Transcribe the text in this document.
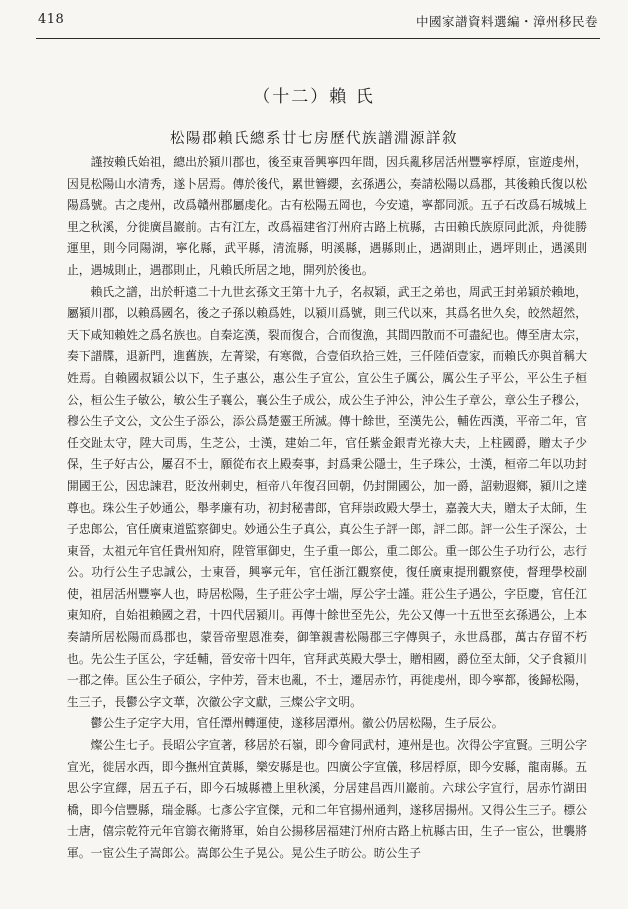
418	中國家譜資料選編・漳州移民卷
（十二）賴 氏
松陽郡賴氏總系廿七房歷代族譜淵源詳敘

謹按賴氏始祖，總出於潁川郡也，後至東晉興寧四年間，因兵亂移居活州豐寧桴原，宦遊虔州，因見松陽山水清秀，遂卜居焉。傳於後代，累世簪纓，玄孫遇公，奏請松陽以爲郡，其後賴氏復以松陽爲號。古之虔州，改爲贛州郡屬虔化。古有松陽五岡也，今安遠，寧都同派。五子石改爲石城城上里之秋溪，分徙廣昌巖前。古有江左，改爲福建省汀州府古路上杭縣，古田賴氏族原同此派，舟徙勝運里，則今同陽湖，寧化縣，武平縣，清流縣，明溪縣，遇縣則止，遇湖則止，遇坪則止，遇溪則止，遇城則止，遇郡則止，凡賴氏所居之地，開列於後也。

賴氏之譜，出於軒遠二十九世玄孫文王第十九子，名叔穎，武王之弟也，周武王封弟穎於賴地，屬潁川郡，以賴爲國名，後之子孫以賴爲姓，以潁川爲號，則三代以來，其爲名世久矣，皎然超然，天下咸知賴姓之爲名族也。自秦迄漢，裂而復合，合而復漁，其間四散而不可盡紀也。傳至唐太宗，奏下譜牒，退新門，進舊族，左菁梁，有寒微，合壹佰玖拾三姓，三仟陸佰壹家，而賴氏亦與首稱大姓焉。自賴國叔穎公以下，生子惠公，惠公生子宣公，宣公生子厲公，厲公生子平公，平公生子桓公，桓公生子敏公，敏公生子襄公，襄公生子成公，成公生子沖公，沖公生子章公，章公生子穆公，穆公生子文公，文公生子添公，添公爲楚靈王所滅。傳十餘世，至漢先公，輔佐西漢，平帝二年，官任交趾太守，陞大司馬，生芝公，士漢，建始二年，官任紫金銀青光祿大夫，上柱國爵，贈太子少保，生子好古公，屢召不士，願從布衣上殿奏事，封爲秉公隱士，生子珠公，士漢，桓帝二年以功封開國王公，因忠諫君，貶汝州刺史，桓帝八年復召回朝，仍封開國公，加一爵，詔勅遐鄉，潁川之達尊也。珠公生子妙通公，舉孝廉有功，初封秘書郎，官拜崇政殿大學士，嘉義大夫，贈太子太師，生子忠郎公，官任廣東道監察御史。妙通公生子真公，真公生子評一郎，評二郎。評一公生子深公，士東晉，太祖元年官任貴州知府，陞管軍御史，生子重一郎公，重二郎公。重一郎公生子功行公，志行公。功行公生子忠誠公，士東晉，興寧元年，官任浙江觀察使，復任廣東提刑觀察使，督理學校副使，祖居活州豐寧人也，時居松陽，生子莊公字士端，厚公字士謹。莊公生子遇公，字臣慶，官任江東知府，自始祖賴國之君，十四代居潁川。再傳十餘世至先公，先公又傳一十五世至玄孫遇公，上本奏請所居松陽而爲郡也，蒙晉帝聖恩准奏，御筆親書松陽郡三字傳與子，永世爲郡，萬古存留不朽也。先公生子匡公，字廷輔，晉安帝十四年，官拜武英殿大學士，贈相國，爵位至太師，父子食潁川一郡之俸。匡公生子碩公，字仲芳，晉末也亂，不士，遷居赤竹，再徙虔州，即今寧都，後歸松陽，生三子，長鬱公字文華，次徽公字文獻，三燦公字文明。

鬱公生子定字大用，官任潭州轉運使，遂移居潭州。徽公仍居松陽，生子辰公。

燦公生七子。長昭公字宣著，移居於石嶺，即今會同武村，連州是也。次得公字宣賢。三明公字宣光，徙居水西，即今撫州宜黃縣，樂安縣是也。四廣公字宣儀，移居桴原，即今安縣，龍南縣。五思公字宣繹，居五子石，即今石城縣禮上里秋溪，分居建昌西川巖前。六球公字宣行，居赤竹湖田橋，即今信豐縣，瑞金縣。七彥公字宣傑，元和二年官揚州通判，遂移居揚州。又得公生三子。標公士唐，僖宗乾符元年官篛衣衛將軍，始自公揚移居福建汀州府古路上杭縣古田，生子一宦公，世襲將軍。一宦公生子嵩郎公。嵩郎公生子晃公。晃公生子昉公。昉公生子
